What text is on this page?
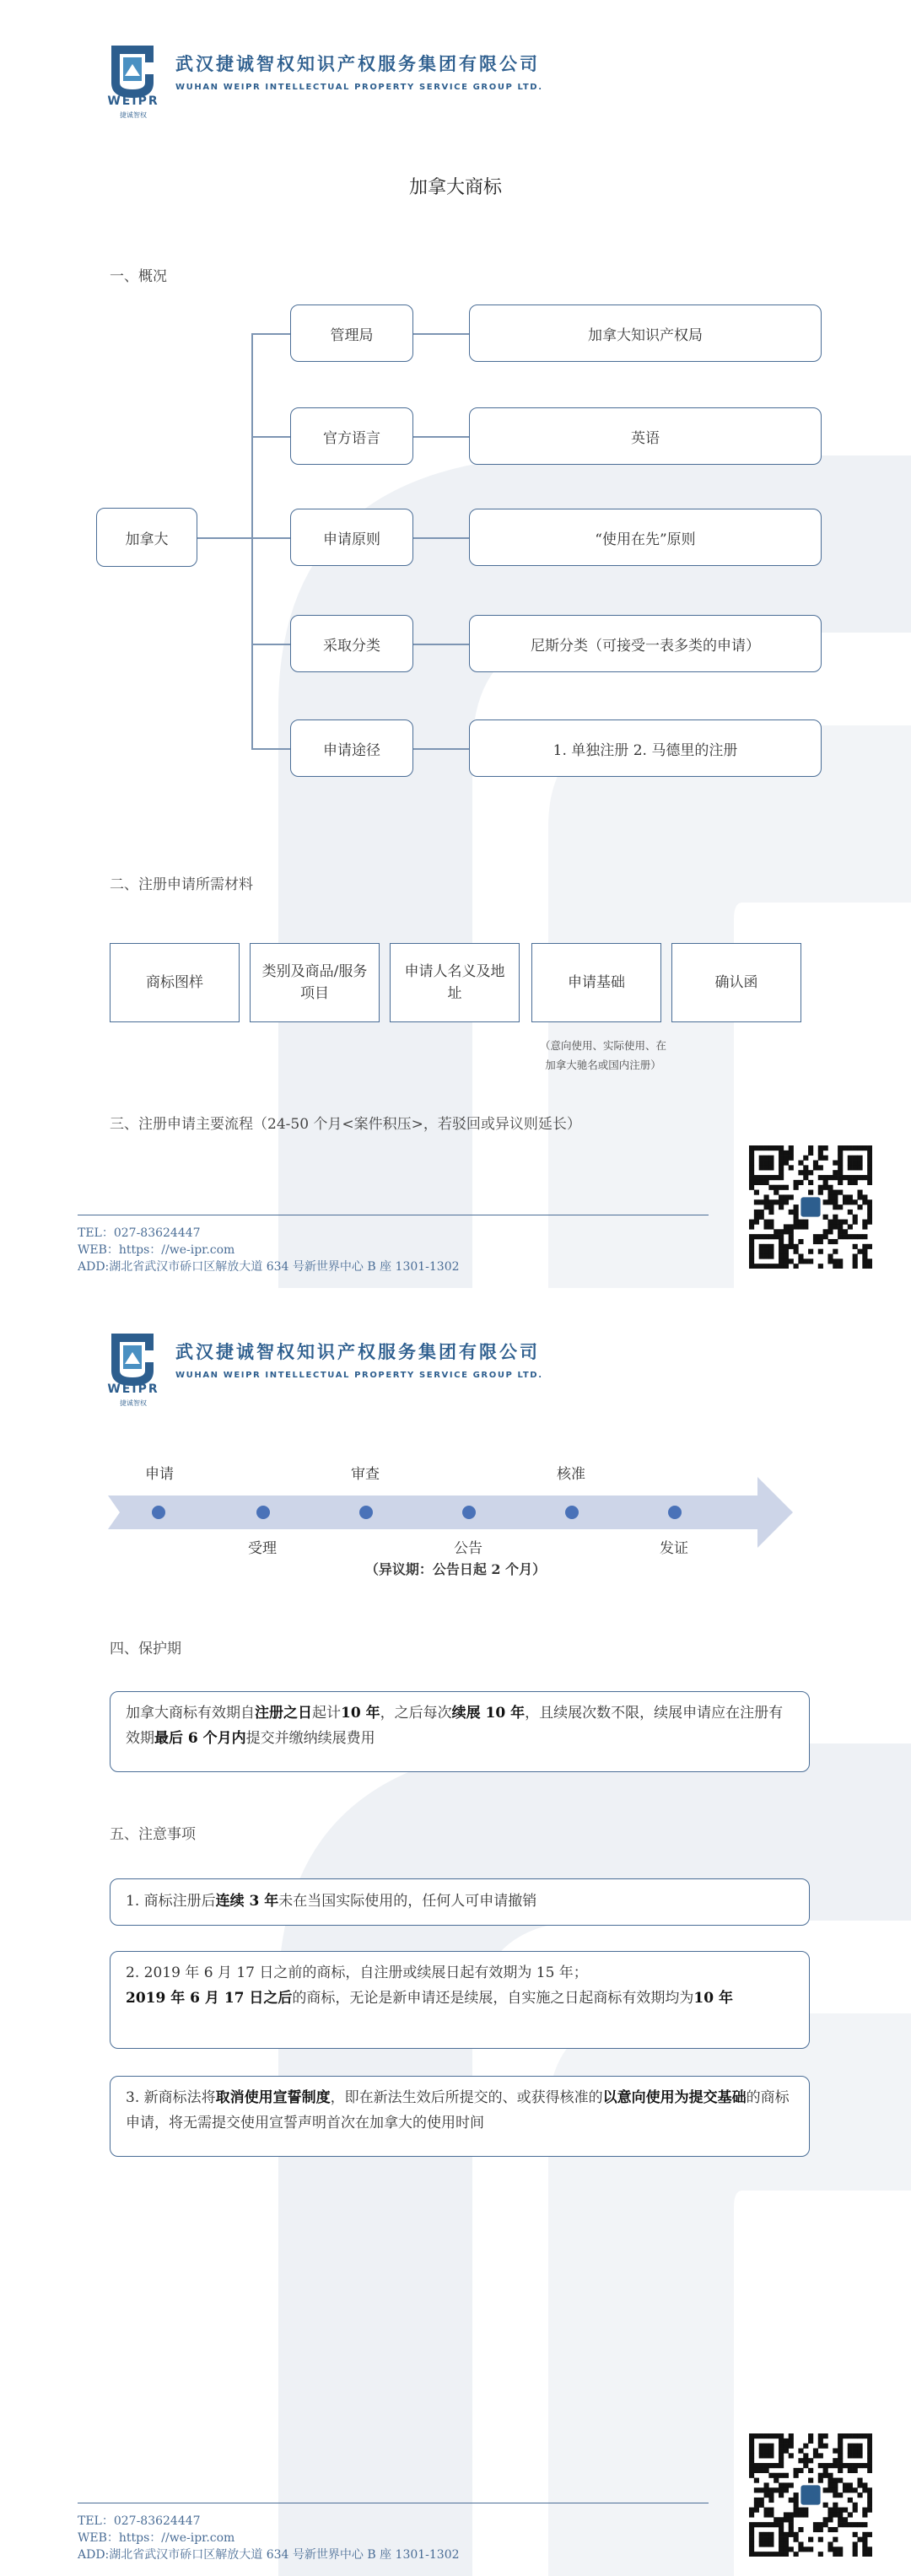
WEIPR
捷诚智权
武汉捷诚智权知识产权服务集团有限公司
WUHAN WEIPR INTELLECTUAL PROPERTY SERVICE GROUP LTD.
加拿大商标
一、概况
加拿大
管理局	加拿大知识产权局
官方语言	英语
申请原则	“使用在先”原则
采取分类	尼斯分类（可接受一表多类的申请）
申请途径	1. 单独注册 2. 马德里的注册
二、注册申请所需材料
商标图样
类别及商品/服务项目
申请人名义及地址
申请基础	确认函
（意向使用、实际使用、在加拿大驰名或国内注册）
三、注册申请主要流程（24-50 个月<案件积压>，若驳回或异议则延长）
TEL：027-83624447
WEB：https：//we-ipr.com
ADD:湖北省武汉市硚口区解放大道 634 号新世界中心 B 座 1301-1302
WEIPR
捷诚智权
武汉捷诚智权知识产权服务集团有限公司
WUHAN WEIPR INTELLECTUAL PROPERTY SERVICE GROUP LTD.
申请	审查	核准
受理	公告	发证
（异议期：公告日起 2 个月）
四、保护期
加拿大商标有效期自注册之日起计10 年，之后每次续展 10 年，且续展次数不限，续展申请应在注册有效期最后 6 个月内提交并缴纳续展费用
五、注意事项
1. 商标注册后连续 3 年未在当国实际使用的，任何人可申请撤销
2. 2019 年 6 月 17 日之前的商标，自注册或续展日起有效期为 15 年；
2019 年 6 月 17 日之后的商标，无论是新申请还是续展，自实施之日起商标有效期均为10 年
3. 新商标法将取消使用宣誓制度，即在新法生效后所提交的、或获得核准的以意向使用为提交基础的商标申请，将无需提交使用宣誓声明首次在加拿大的使用时间
TEL：027-83624447
WEB：https：//we-ipr.com
ADD:湖北省武汉市硚口区解放大道 634 号新世界中心 B 座 1301-1302
